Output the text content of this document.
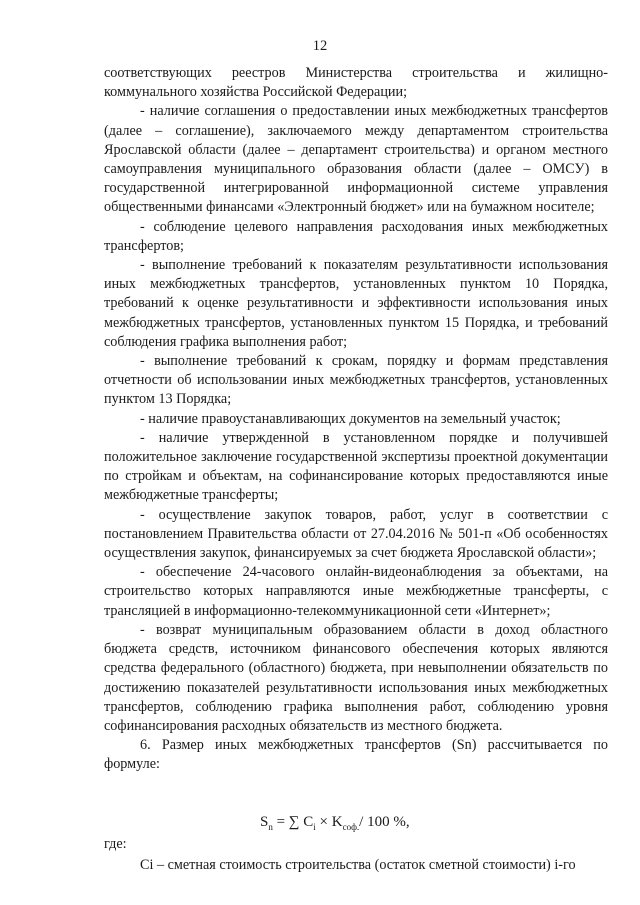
12

соответствующих реестров Министерства строительства и жилищно-коммунального хозяйства Российской Федерации;

- наличие соглашения о предоставлении иных межбюджетных трансфертов (далее – соглашение), заключаемого между департаментом строительства Ярославской области (далее – департамент строительства) и органом местного самоуправления муниципального образования области (далее – ОМСУ) в государственной интегрированной информационной системе управления общественными финансами «Электронный бюджет» или на бумажном носителе;

- соблюдение целевого направления расходования иных межбюджетных трансфертов;

- выполнение требований к показателям результативности использования иных межбюджетных трансфертов, установленных пунктом 10 Порядка, требований к оценке результативности и эффективности использования иных межбюджетных трансфертов, установленных пунктом 15 Порядка, и требований соблюдения графика выполнения работ;

- выполнение требований к срокам, порядку и формам представления отчетности об использовании иных межбюджетных трансфертов, установленных пунктом 13 Порядка;

- наличие правоустанавливающих документов на земельный участок;

- наличие утвержденной в установленном порядке и получившей положительное заключение государственной экспертизы проектной документации по стройкам и объектам, на софинансирование которых предоставляются иные межбюджетные трансферты;

- осуществление закупок товаров, работ, услуг в соответствии с постановлением Правительства области от 27.04.2016 № 501-п «Об особенностях осуществления закупок, финансируемых за счет бюджета Ярославской области»;

- обеспечение 24-часового онлайн-видеонаблюдения за объектами, на строительство которых направляются иные межбюджетные трансферты, с трансляцией в информационно-телекоммуникационной сети «Интернет»;

- возврат муниципальным образованием области в доход областного бюджета средств, источником финансового обеспечения которых являются средства федерального (областного) бюджета, при невыполнении обязательств по достижению показателей результативности использования иных межбюджетных трансфертов, соблюдению графика выполнения работ, соблюдению уровня софинансирования расходных обязательств из местного бюджета.

6. Размер иных межбюджетных трансфертов (Sn) рассчитывается по формуле:

$S_n$ = ∑ $C_i \times K_{соф.}/$ 100 %,
где:
Ci – сметная стоимость строительства (остаток сметной стоимости) i-го
